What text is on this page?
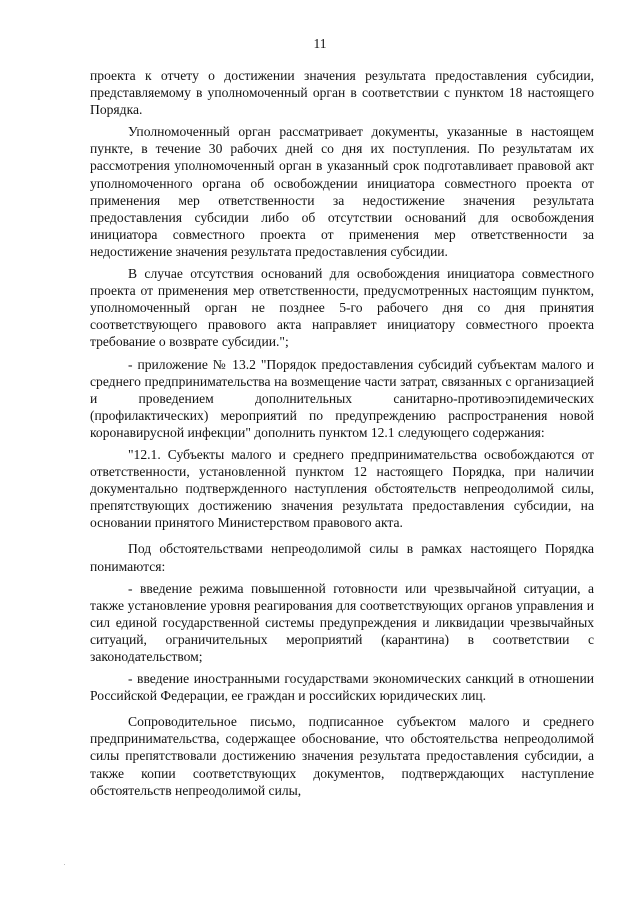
11

проекта к отчету о достижении значения результата предоставления субсидии, представляемому в уполномоченный орган в соответствии с пунктом 18 настоящего Порядка.

Уполномоченный орган рассматривает документы, указанные в настоящем пункте, в течение 30 рабочих дней со дня их поступления. По результатам их рассмотрения уполномоченный орган в указанный срок подготавливает правовой акт уполномоченного органа об освобождении инициатора совместного проекта от применения мер ответственности за недостижение значения результата предоставления субсидии либо об отсутствии оснований для освобождения инициатора совместного проекта от применения мер ответственности за недостижение значения результата предоставления субсидии.

В случае отсутствия оснований для освобождения инициатора совместного проекта от применения мер ответственности, предусмотренных настоящим пунктом, уполномоченный орган не позднее 5-го рабочего дня со дня принятия соответствующего правового акта направляет инициатору совместного проекта требование о возврате субсидии.";

- приложение № 13.2 "Порядок предоставления субсидий субъектам малого и среднего предпринимательства на возмещение части затрат, связанных с организацией и проведением дополнительных санитарно-противоэпидемических (профилактических) мероприятий по предупреждению распространения новой коронавирусной инфекции" дополнить пунктом 12.1 следующего содержания:

"12.1. Субъекты малого и среднего предпринимательства освобождаются от ответственности, установленной пунктом 12 настоящего Порядка, при наличии документально подтвержденного наступления обстоятельств непреодолимой силы, препятствующих достижению значения результата предоставления субсидии, на основании принятого Министерством правового акта.

Под обстоятельствами непреодолимой силы в рамках настоящего Порядка понимаются:

- введение режима повышенной готовности или чрезвычайной ситуации, а также установление уровня реагирования для соответствующих органов управления и сил единой государственной системы предупреждения и ликвидации чрезвычайных ситуаций, ограничительных мероприятий (карантина) в соответствии с законодательством;

- введение иностранными государствами экономических санкций в отношении Российской Федерации, ее граждан и российских юридических лиц.

Сопроводительное письмо, подписанное субъектом малого и среднего предпринимательства, содержащее обоснование, что обстоятельства непреодолимой силы препятствовали достижению значения результата предоставления субсидии, а также копии соответствующих документов, подтверждающих наступление обстоятельств непреодолимой силы,
